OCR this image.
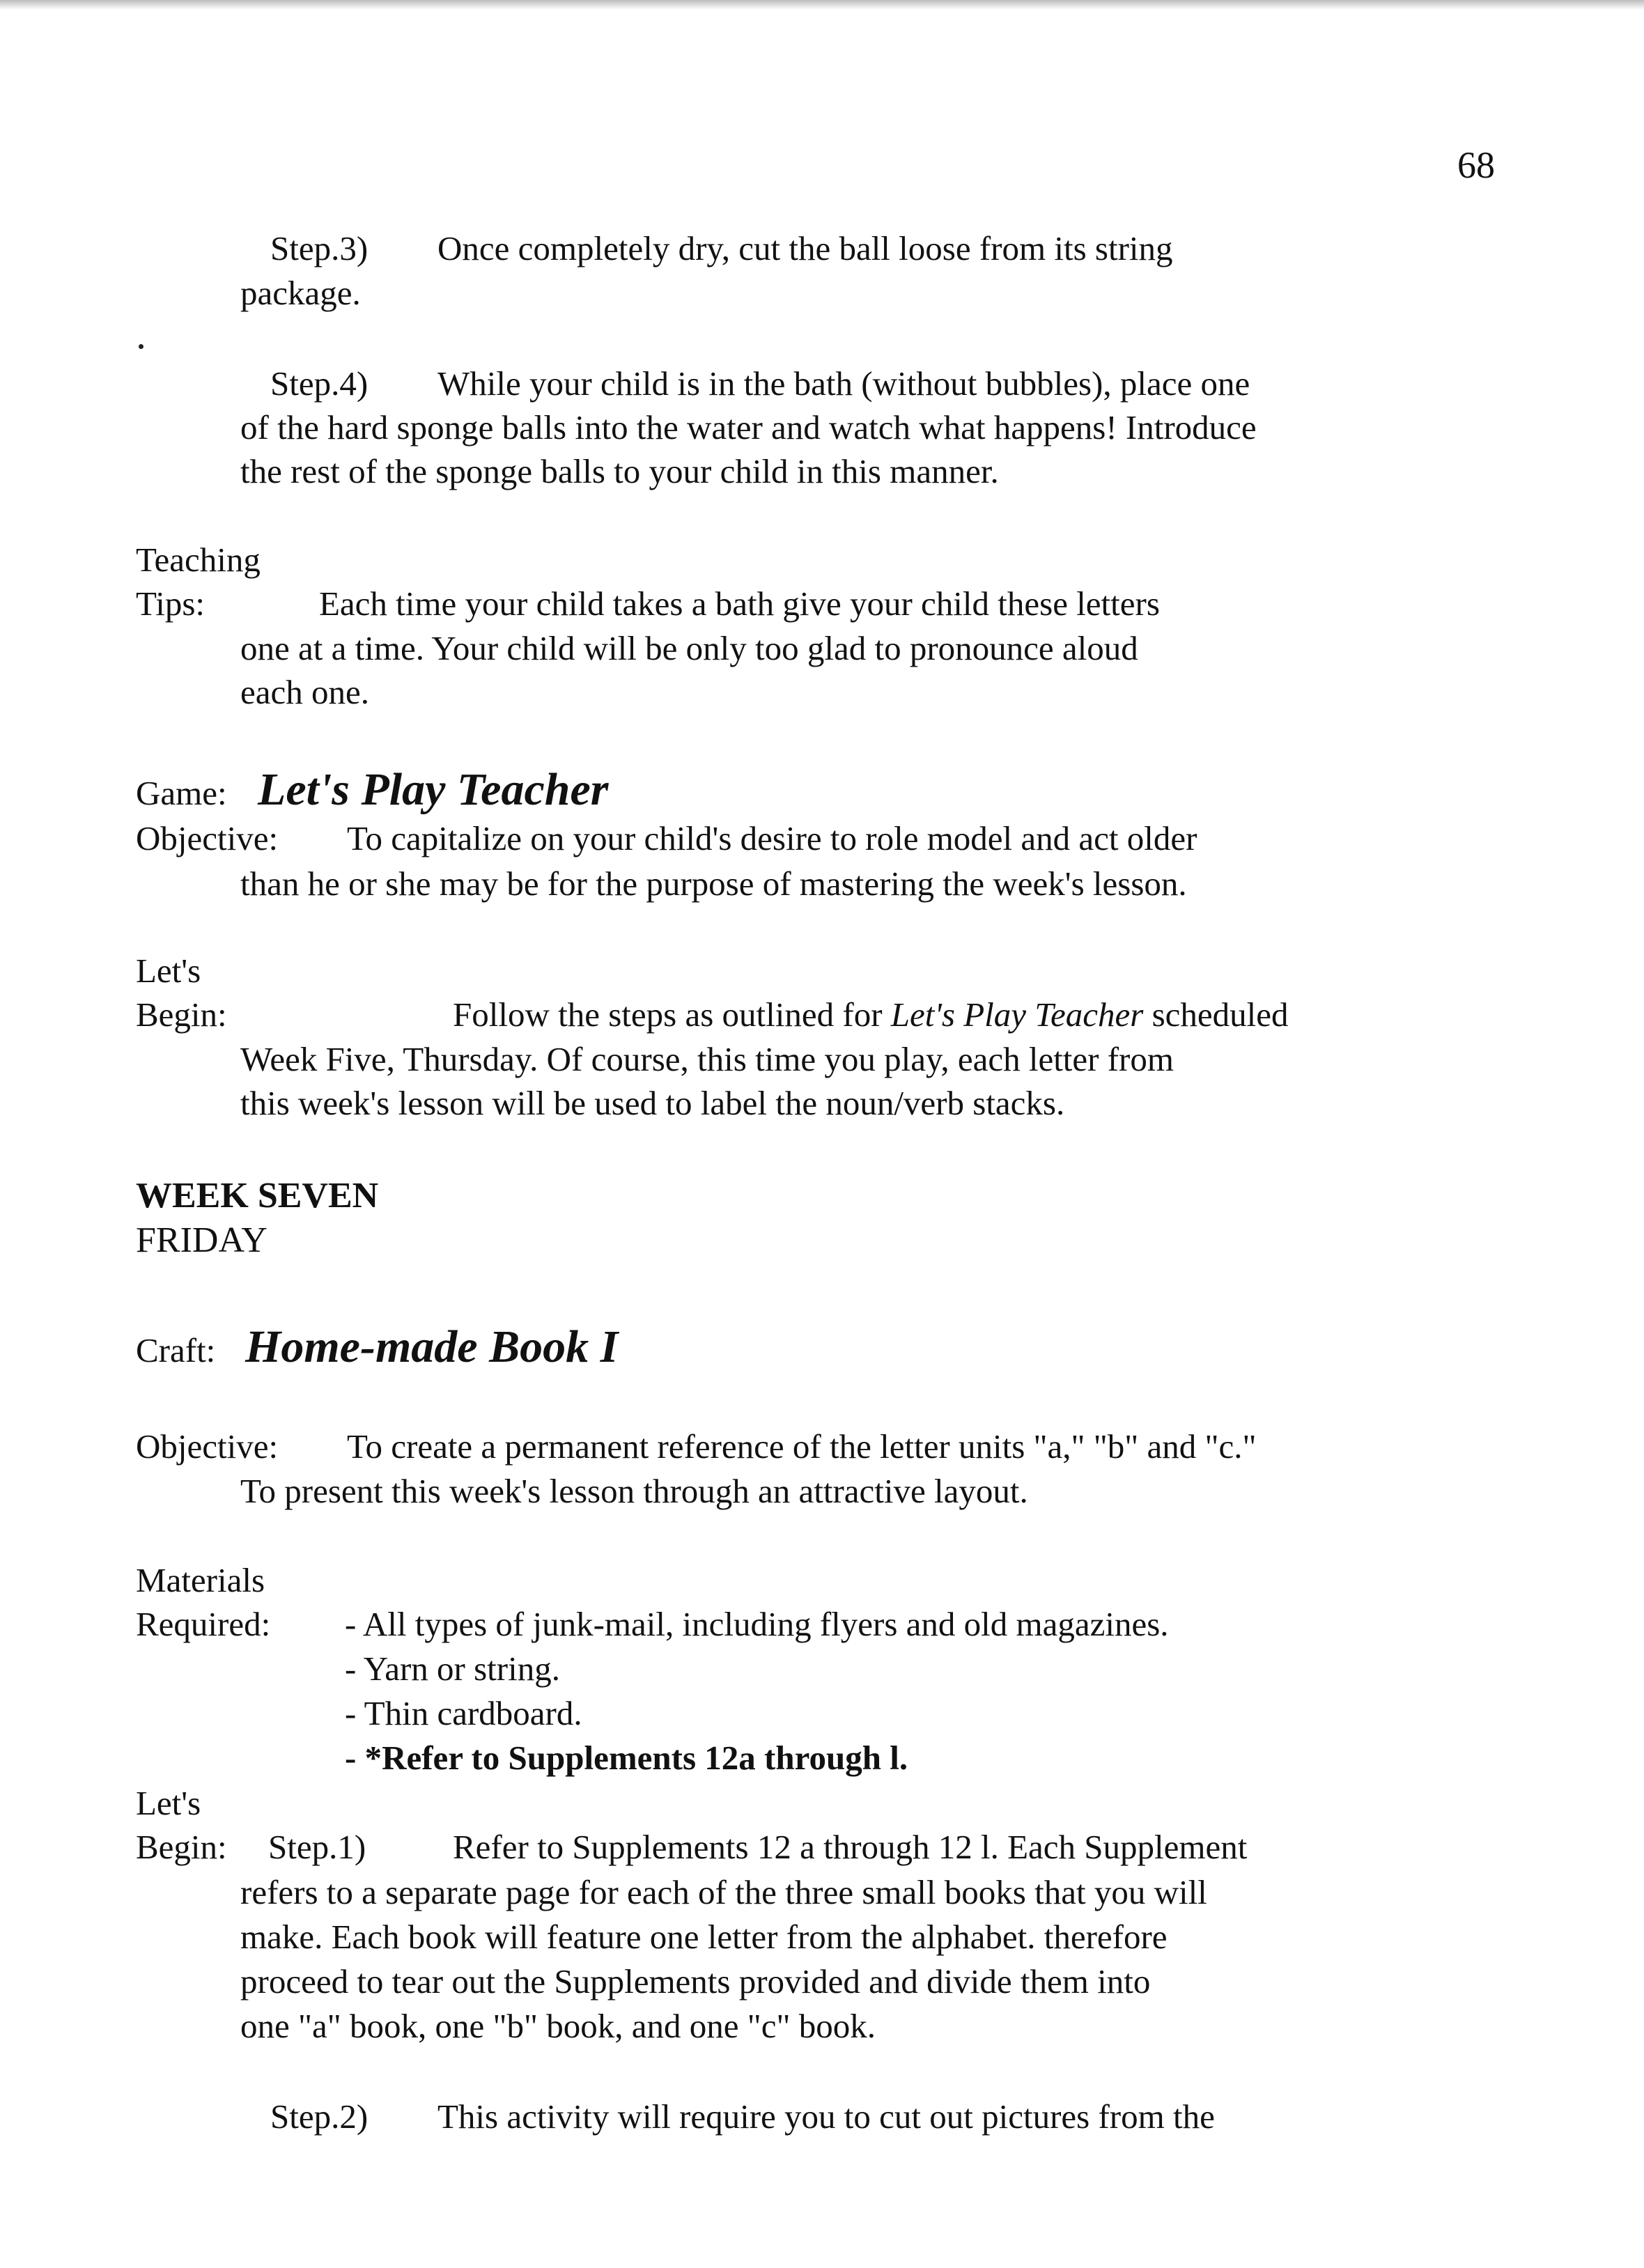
68
Step.3) Once completely dry, cut the ball loose from its string
package.
Step.4) While your child is in the bath (without bubbles), place one
of the hard sponge balls into the water and watch what happens! Introduce
the rest of the sponge balls to your child in this manner.
Teaching
Tips:	Each time your child takes a bath give your child these letters
one at a time. Your child will be only too glad to pronounce aloud
each one.
Game: Let's Play Teacher
Objective: To capitalize on your child's desire to role model and act older
than he or she may be for the purpose of mastering the week's lesson.
Let's
Begin:	Follow the steps as outlined for Let's Play Teacher scheduled
Week Five, Thursday. Of course, this time you play, each letter from
this week's lesson will be used to label the noun/verb stacks.
WEEK SEVEN
FRIDAY
Craft: Home-made Book I
Objective: To create a permanent reference of the letter units "a," "b" and "c."
To present this week's lesson through an attractive layout.
Materials
Required: - All types of junk-mail, including flyers and old magazines.
- Yarn or string.
- Thin cardboard.
- *Refer to Supplements 12a through l.
Let's
Begin: Step.1)	Refer to Supplements 12 a through 12 l. Each Supplement
refers to a separate page for each of the three small books that you will
make. Each book will feature one letter from the alphabet. therefore
proceed to tear out the Supplements provided and divide them into
one "a" book, one "b" book, and one "c" book.
Step.2) This activity will require you to cut out pictures from the
